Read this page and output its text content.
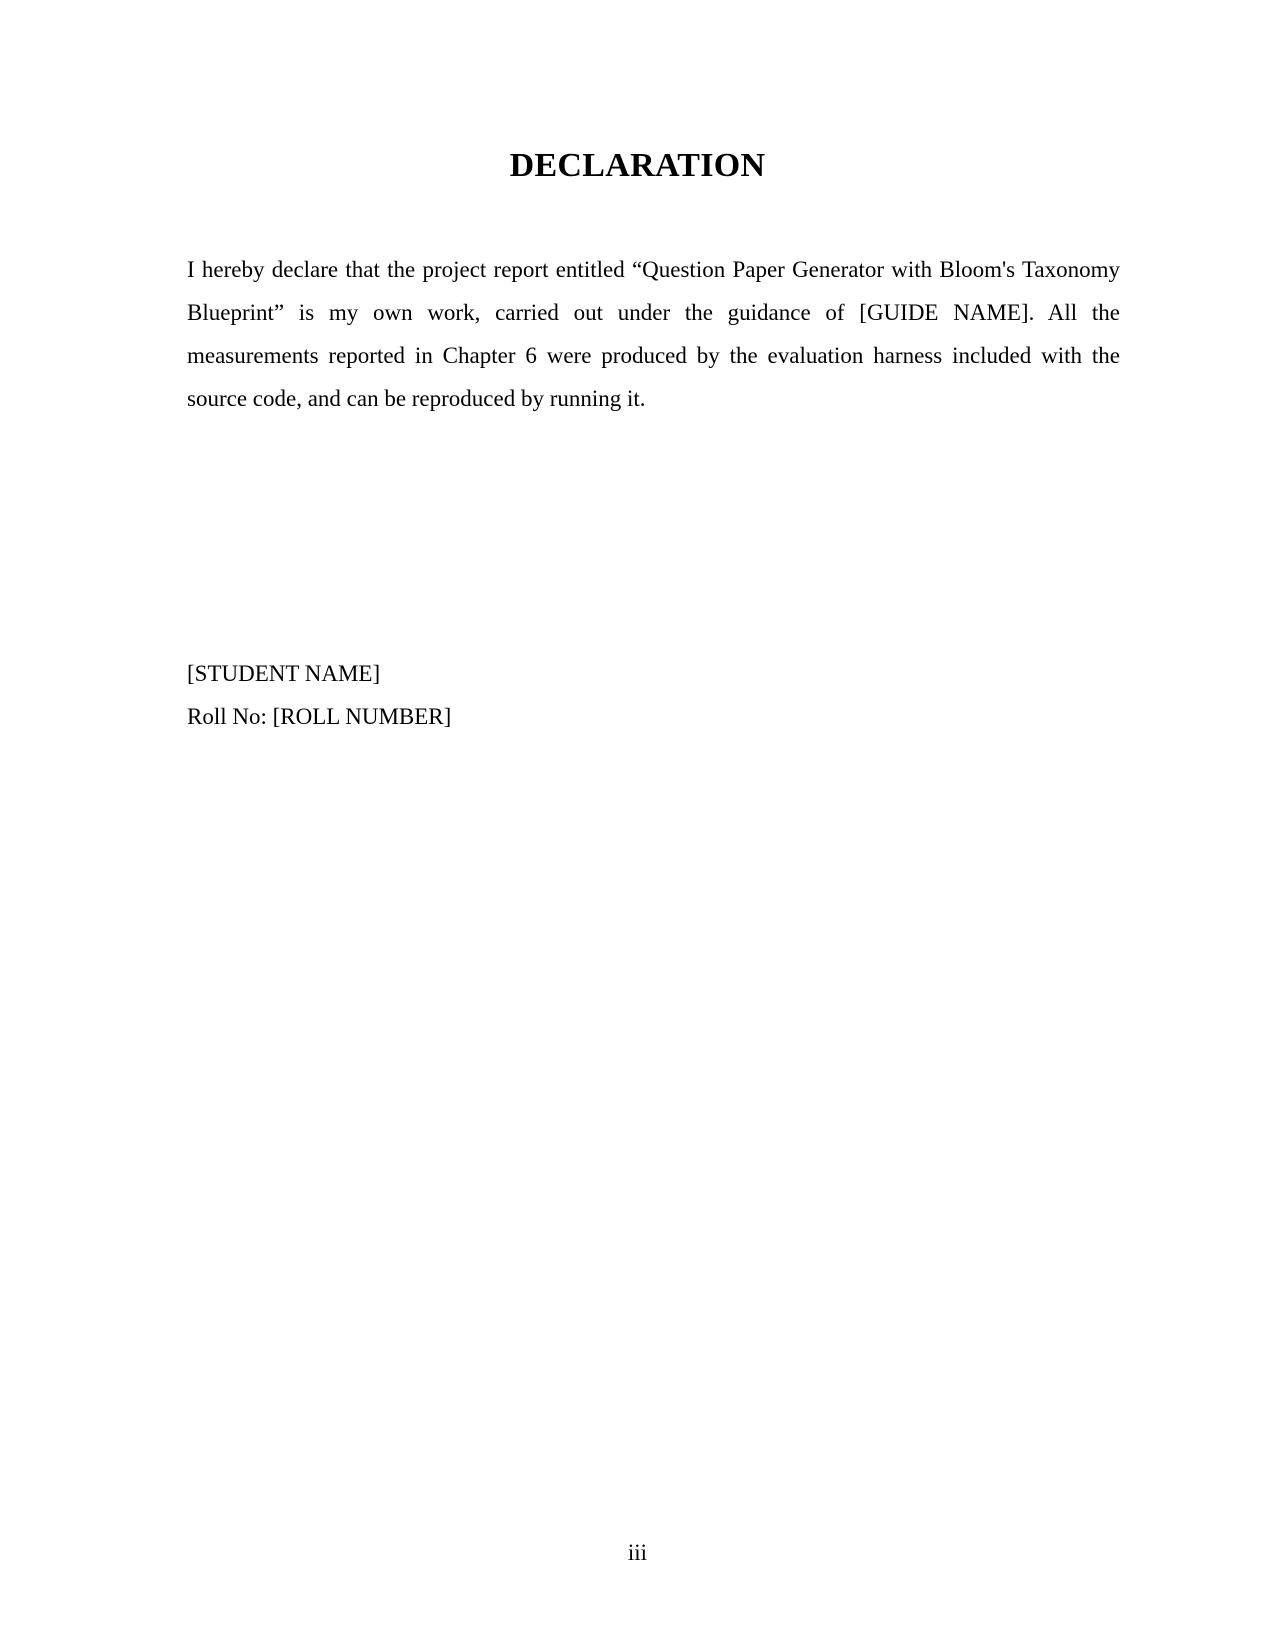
DECLARATION

I hereby declare that the project report entitled “Question Paper Generator with Bloom's Taxonomy Blueprint” is my own work, carried out under the guidance of [GUIDE NAME]. All the measurements reported in Chapter 6 were produced by the evaluation harness included with the source code, and can be reproduced by running it.

[STUDENT NAME]
Roll No: [ROLL NUMBER]
iii
